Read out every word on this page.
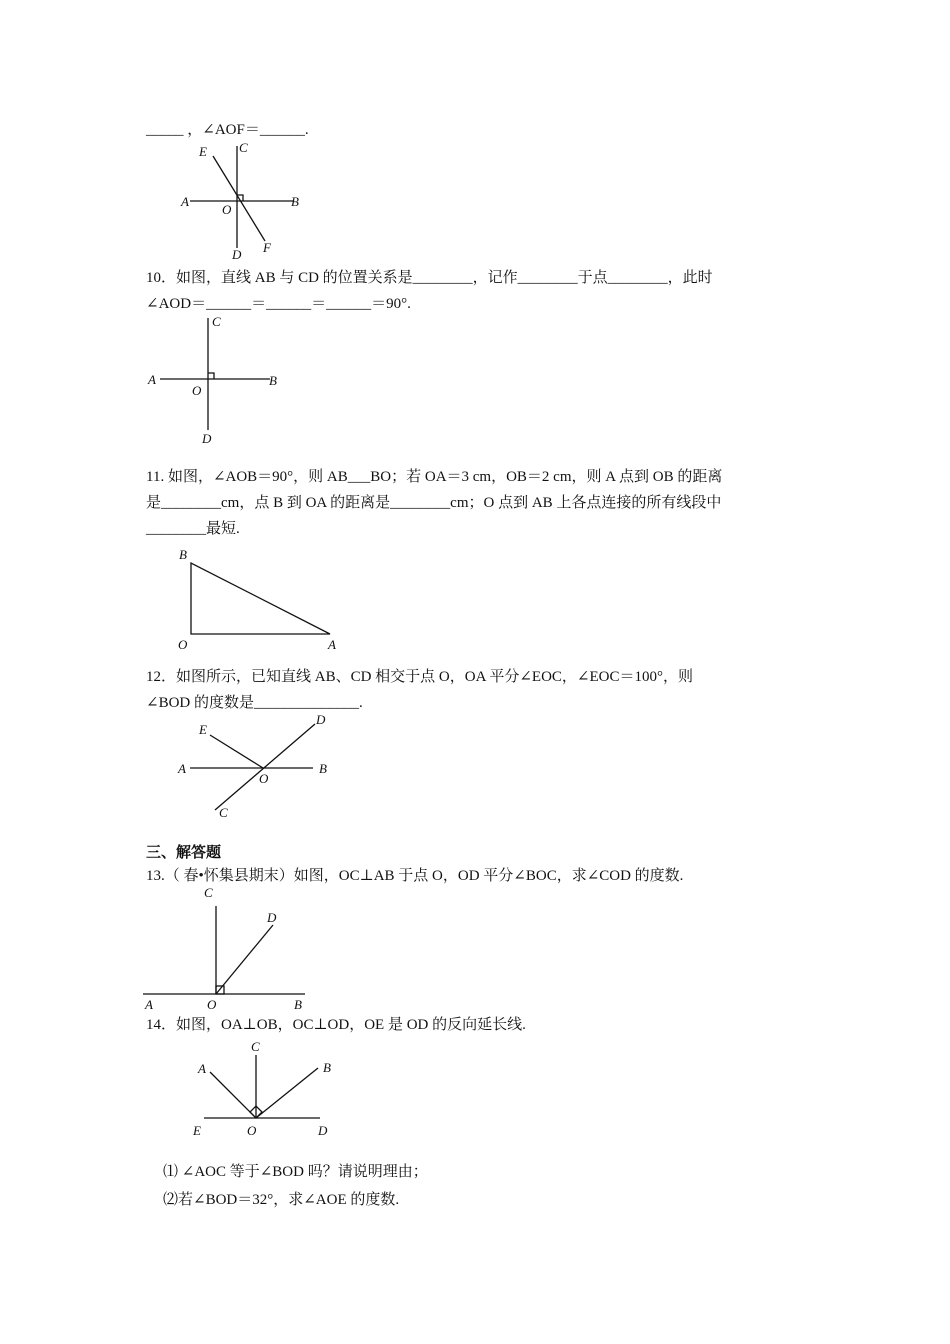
_____ ，∠AOF＝______.
E C
A
O
B
D F
10．如图，直线 AB 与 CD 的位置关系是________，记作________于点________，此时
∠AOD＝______＝______＝______＝90°.
C
A
O
B
D
11. 如图，∠AOB＝90°，则 AB___BO；若 OA＝3 cm，OB＝2 cm，则 A 点到 OB 的距离
是________cm，点 B 到 OA 的距离是________cm；O 点到 AB 上各点连接的所有线段中
________最短.
B
O	A
12．如图所示，已知直线 AB、CD 相交于点 O，OA 平分∠EOC，∠EOC＝100°，则
∠BOD 的度数是______________.
E
D
A
O
B
C
三、解答题
13.（ 春•怀集县期末）如图，OC⊥AB 于点 O，OD 平分∠BOC，求∠COD 的度数.
C
D
A	O	B
14．如图，OA⊥OB，OC⊥OD，OE 是 OD 的反向延长线.
C
A	B
E	O	D
⑴ ∠AOC 等于∠BOD 吗？请说明理由；
⑵若∠BOD＝32°，求∠AOE 的度数.
